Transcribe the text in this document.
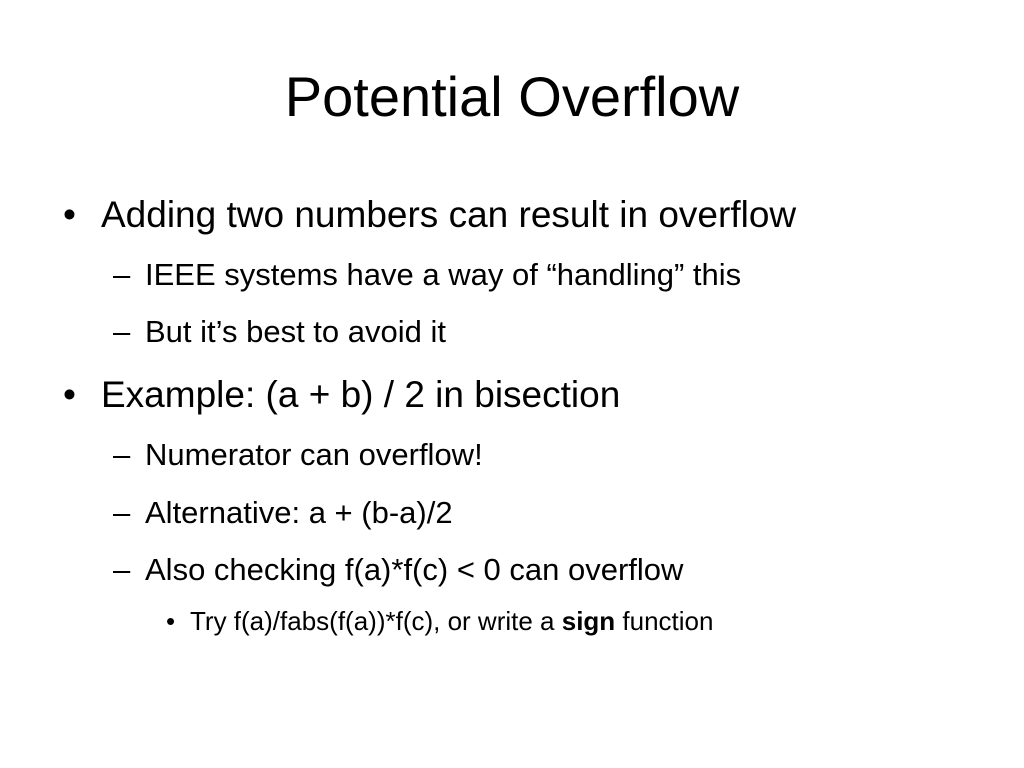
Potential Overflow
• Adding two numbers can result in overflow
– IEEE systems have a way of “handling” this
– But it’s best to avoid it
• Example: (a + b) / 2 in bisection
– Numerator can overflow!
– Alternative: a + (b-a)/2
– Also checking f(a)*f(c) < 0 can overflow
• Try f(a)/fabs(f(a))*f(c), or write a sign function
